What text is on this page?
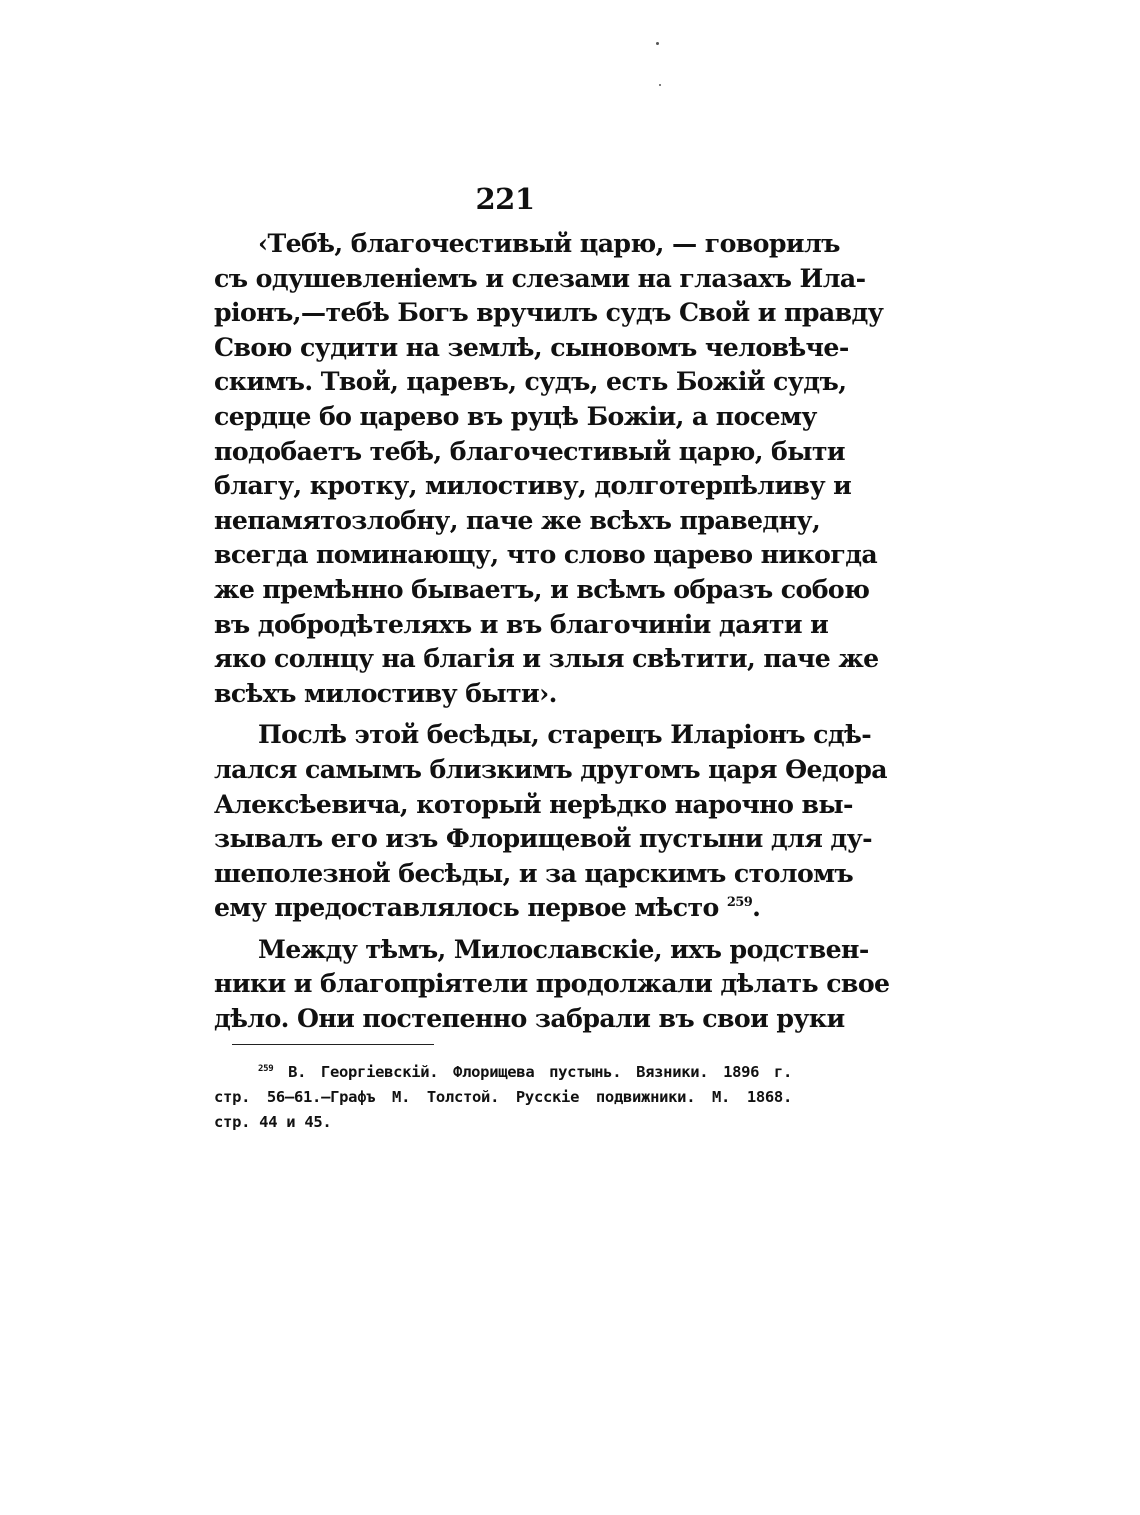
221
‹Тебѣ, благочестивый царю, — говорилъ
съ одушевленіемъ и слезами на глазахъ Ила-
ріонъ,—тебѣ Богъ вручилъ судъ Свой и правду
Свою судити на землѣ, сыновомъ человѣче-
скимъ. Твой, царевъ, судъ, есть Божій судъ,
сердце бо царево въ руцѣ Божіи, а посему
подобаетъ тебѣ, благочестивый царю, быти
благу, кротку, милостиву, долготерпѣливу и
непамятозлобну, паче же всѣхъ праведну,
всегда поминающу, что слово царево никогда
же премѣнно бываетъ, и всѣмъ образъ собою
въ добродѣтеляхъ и въ благочиніи даяти и
яко солнцу на благія и злыя свѣтити, паче же
всѣхъ милостиву быти›.
Послѣ этой бесѣды, старецъ Иларіонъ сдѣ-
лался самымъ близкимъ другомъ царя Ѳедора
Алексѣевича, который нерѣдко нарочно вы-
зывалъ его изъ Флорищевой пустыни для ду-
шеполезной бесѣды, и за царскимъ столомъ
ему предоставлялось первое мѣсто $^{259}$.
Между тѣмъ, Милославскіе, ихъ родствен-
ники и благопріятели продолжали дѣлать свое
дѣло. Они постепенно забрали въ свои руки
$^{259}$ В. Георгіевскій. Флорищева пустынь. Вязники. 1896 г.
стр. 56—61.—Графъ М. Толстой. Русскіе подвижники. М. 1868.
стр. 44 и 45.
